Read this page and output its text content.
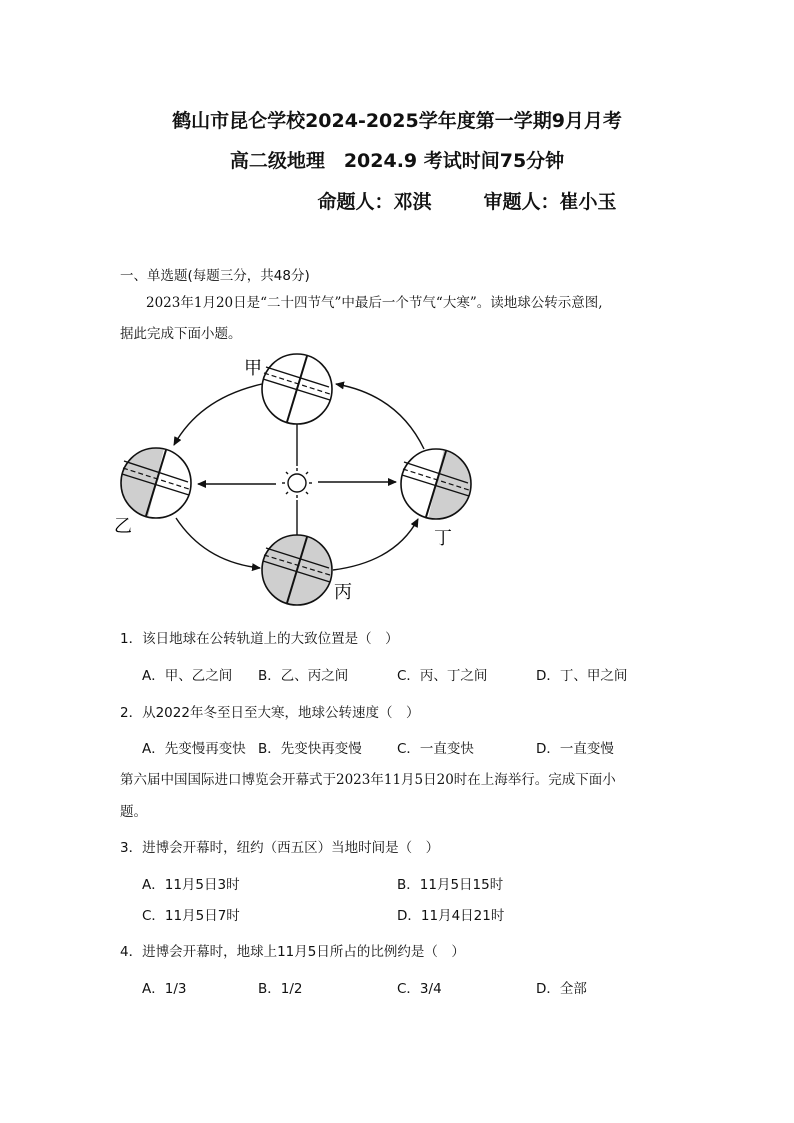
鹤山市昆仑学校2024-2025学年度第一学期9月月考
高二级地理　2024.9 考试时间75分钟
命题人：邓淇	审题人：崔小玉
一、单选题(每题三分，共48分)
2023年1月20日是“二十四节气”中最后一个节气“大寒”。读地球公转示意图,
据此完成下面小题。
甲
乙
丙
丁
1．该日地球在公转轨道上的大致位置是（　）
A．甲、乙之间 B．乙、丙之间	C．丙、丁之间	D．丁、甲之间
2．从2022年冬至日至大寒，地球公转速度（　）
A．先变慢再变快 B．先变快再变慢	C．一直变快	D．一直变慢
第六届中国国际进口博览会开幕式于2023年11月5日20时在上海举行。完成下面小
题。
3．进博会开幕时，纽约（西五区）当地时间是（　）
A．11月5日3时	B．11月5日15时
C．11月5日7时	D．11月4日21时
4．进博会开幕时，地球上11月5日所占的比例约是（　）
A．1/3	B．1/2	C．3/4	D．全部
